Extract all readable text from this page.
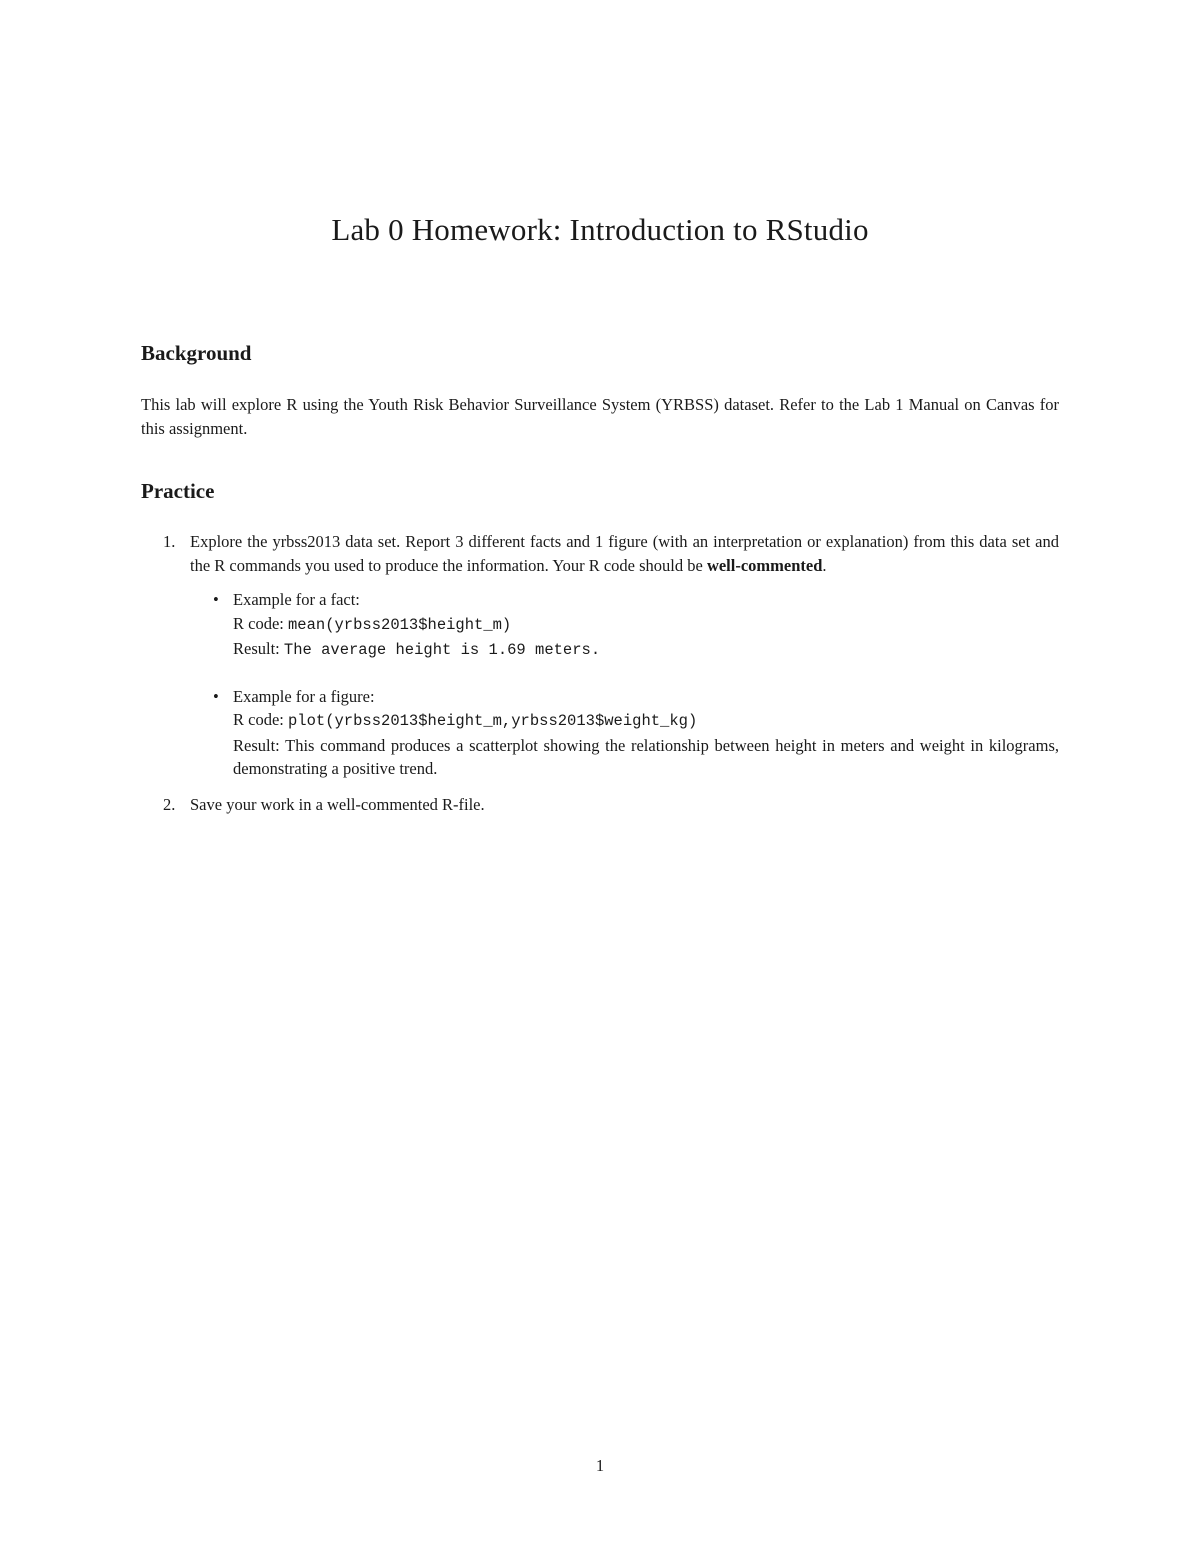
Lab 0 Homework: Introduction to RStudio
Background

This lab will explore R using the Youth Risk Behavior Surveillance System (YRBSS) dataset. Refer to the Lab 1 Manual on Canvas for this assignment.

Practice
1. Explore the yrbss2013 data set. Report 3 different facts and 1 figure (with an interpretation or explanation) from this data set and the R commands you used to produce the information. Your R code should be well-commented.
• Example for a fact:
R code: mean(yrbss2013$height_m)
Result: The average height is 1.69 meters.
• Example for a figure:
R code: plot(yrbss2013$height_m,yrbss2013$weight_kg)
Result: This command produces a scatterplot showing the relationship between height in meters and weight in kilograms, demonstrating a positive trend.
2. Save your work in a well-commented R-file.
1
